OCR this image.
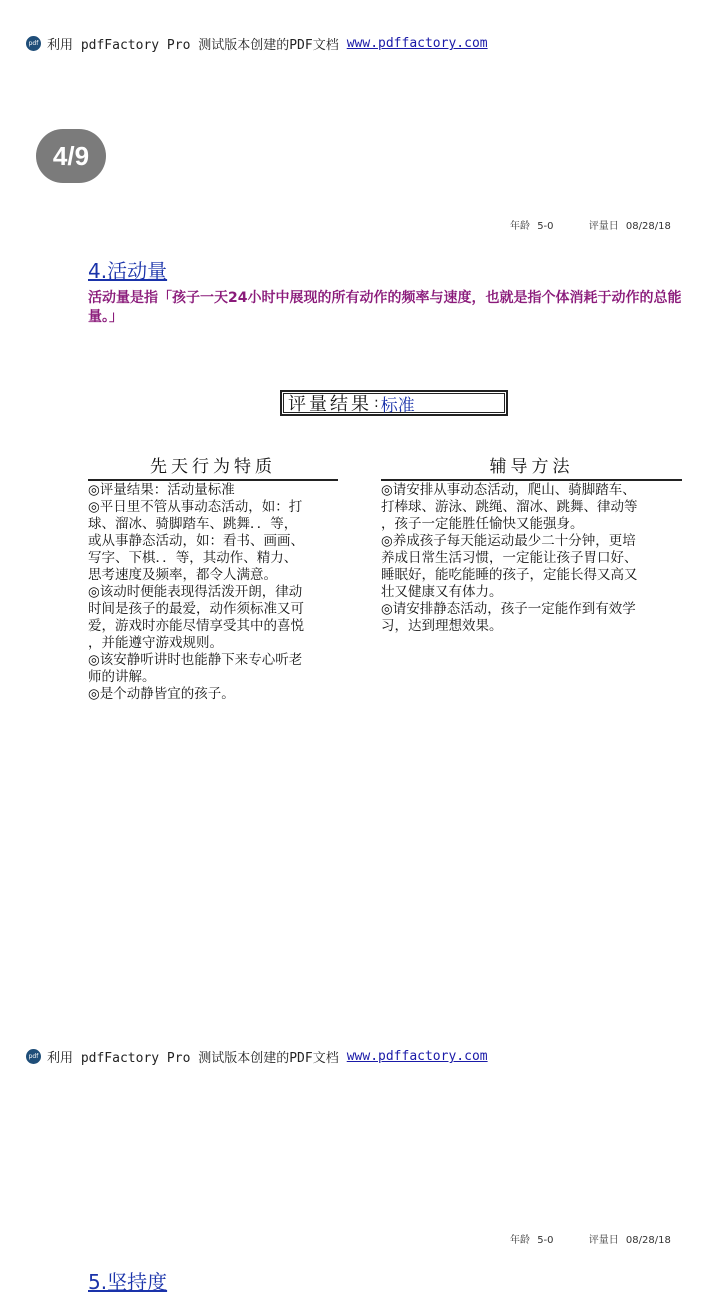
pdf 利用 pdfFactory Pro 测试版本创建的PDF文档 www.pdffactory.com
4/9
年龄 5-0	评量日 08/28/18
4.活动量
活动量是指「孩子一天24小时中展现的所有动作的频率与速度，也就是指个体消耗于动作的总能量。」
评量结果 : 标准
先天行为特质

◎评量结果：活动量标准

◎平日里不管从事动态活动，如：打

球、溜冰、骑脚踏车、跳舞．．等，

或从事静态活动，如：看书、画画、

写字、下棋．．等，其动作、精力、

思考速度及频率，都令人满意。

◎该动时便能表现得活泼开朗，律动

时间是孩子的最爱，动作须标准又可

爱，游戏时亦能尽情享受其中的喜悦

，并能遵守游戏规则。

◎该安静听讲时也能静下来专心听老

师的讲解。

◎是个动静皆宜的孩子。

辅导方法

◎请安排从事动态活动，爬山、骑脚踏车、

打棒球、游泳、跳绳、溜冰、跳舞、律动等

，孩子一定能胜任愉快又能强身。

◎养成孩子每天能运动最少二十分钟，更培

养成日常生活习惯，一定能让孩子胃口好、

睡眠好，能吃能睡的孩子，定能长得又高又

壮又健康又有体力。

◎请安排静态活动，孩子一定能作到有效学

习，达到理想效果。

pdf 利用 pdfFactory Pro 测试版本创建的PDF文档 www.pdffactory.com
年龄 5-0	评量日 08/28/18
5.坚持度
